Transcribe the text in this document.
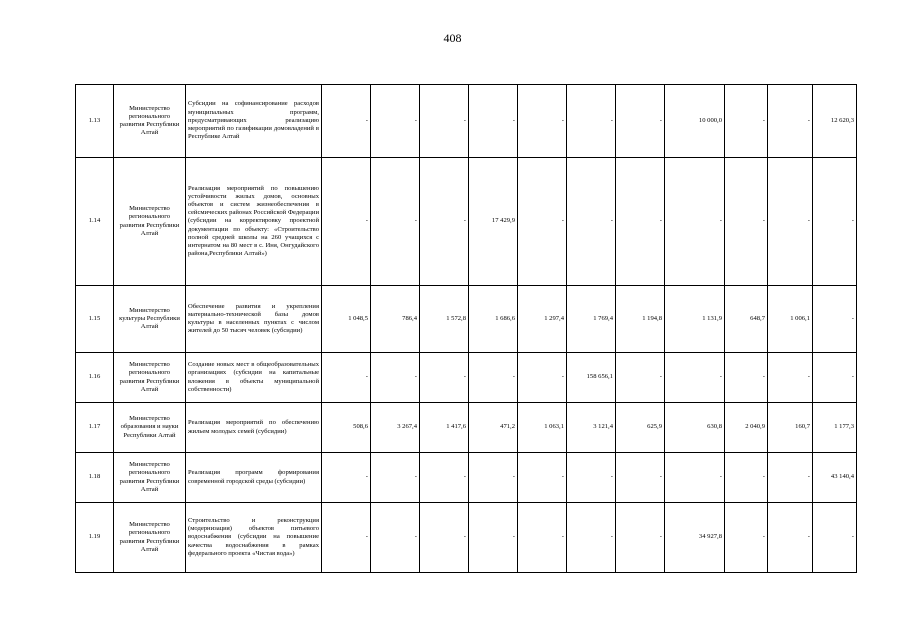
408
1.13	Министерство регионального развития Республики Алтай	Субсидии на софинансирование расходов муниципальных программ, предусматривающих реализацию мероприятий по газификации домовладений в Республике Алтай	-	-	-	-	-	-	-	10 000,0	-	-	12 620,3
1.14	Министерство регионального развития Республики Алтай	Реализация мероприятий по повышению устойчивости жилых домов, основных объектов и систем жизнеобеспечения в сейсмических районах Российской Федерации (субсидии на корректировку проектной документации по объекту: «Строительство полной средней школы на 260 учащихся с интернатом на 80 мест в с. Иня, Онгудайского района,Республики Алтай»)	-	-	-	17 429,9	-	-	-	-	-	-	-
1.15	Министерство культуры Республики Алтай	Обеспечение развития и укрепления материально-технической базы домов культуры в населенных пунктах с числом жителей до 50 тысяч человек (субсидии)	1 048,5	786,4	1 572,8	1 686,6	1 297,4	1 769,4	1 194,8	1 131,9	648,7	1 006,1	-
1.16	Министерство регионального развития Республики Алтай	Создание новых мест в общеобразовательных организациях (субсидии на капитальные вложения в объекты муниципальной собственности)	-	-	-	-	-	158 656,1	-	-	-	-	-
1.17	Министерство образования и науки Республики Алтай	Реализация мероприятий по обеспечению жильем молодых семей (субсидии)	508,6	3 267,4	1 417,6	471,2	1 063,1	3 121,4	625,9	630,8	2 040,9	160,7	1 177,3
1.18	Министерство регионального развития Республики Алтай	Реализация программ формирования современной городской среды (субсидии)	-	-	-	-	-	-	-	-	-	-	43 140,4
1.19	Министерство регионального развития Республики Алтай	Строительство и реконструкция (модернизация) объектов питьевого водоснабжения (субсидии на повышение качества водоснабжения в рамках федерального проекта «Чистая вода»)	-	-	-	-	-	-	-	34 927,8	-	-	-
